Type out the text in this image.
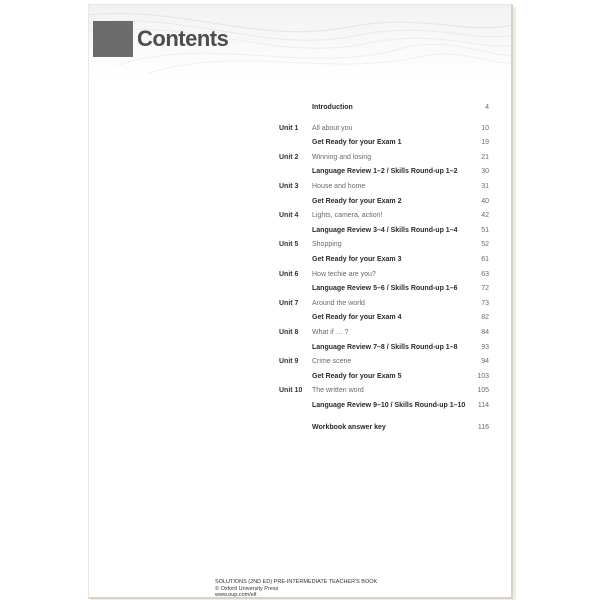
Contents
Introduction	4
Unit 1	All about you	10
Get Ready for your Exam 1	19
Unit 2	Winning and losing	21
Language Review 1–2 / Skills Round-up 1–2	30
Unit 3	House and home	31
Get Ready for your Exam 2	40
Unit 4	Lights, camera, action!	42
Language Review 3–4 / Skills Round-up 1–4	51
Unit 5	Shopping	52
Get Ready for your Exam 3	61
Unit 6	How techie are you?	63
Language Review 5–6 / Skills Round-up 1–6	72
Unit 7	Around the world	73
Get Ready for your Exam 4	82
Unit 8	What if … ?	84
Language Review 7–8 / Skills Round-up 1–8	93
Unit 9	Crime scene	94
Get Ready for your Exam 5	103
Unit 10	The written word	105
Language Review 9–10 / Skills Round-up 1–10	114
Workbook answer key	116
SOLUTIONS (2ND ED) PRE-INTERMEDIATE TEACHER'S BOOK
© Oxford University Press
www.oup.com/elt
